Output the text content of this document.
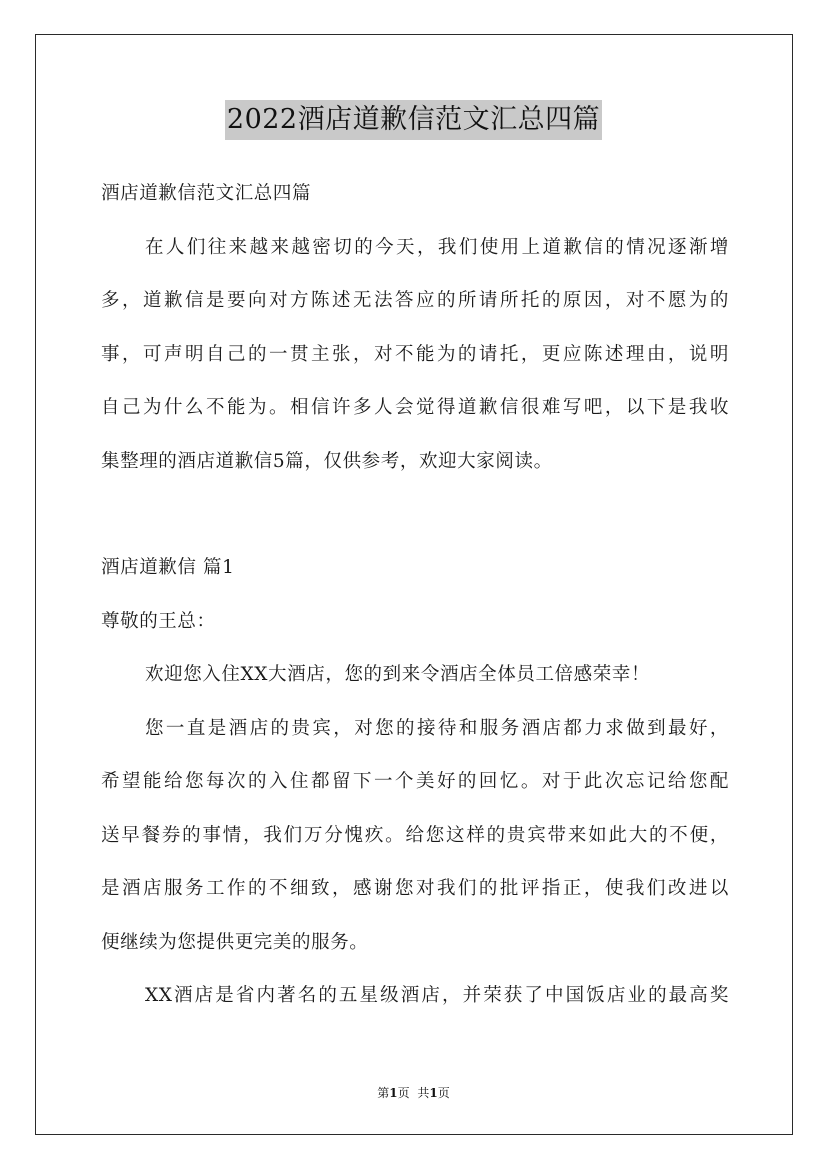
2022酒店道歉信范文汇总四篇
酒店道歉信范文汇总四篇
在人们往来越来越密切的今天，我们使用上道歉信的情况逐渐增
多，道歉信是要向对方陈述无法答应的所请所托的原因，对不愿为的
事，可声明自己的一贯主张，对不能为的请托，更应陈述理由，说明
自己为什么不能为。相信许多人会觉得道歉信很难写吧，以下是我收
集整理的酒店道歉信5篇，仅供参考，欢迎大家阅读。
酒店道歉信 篇1
尊敬的王总：
欢迎您入住XX大酒店，您的到来令酒店全体员工倍感荣幸！
您一直是酒店的贵宾，对您的接待和服务酒店都力求做到最好，
希望能给您每次的入住都留下一个美好的回忆。对于此次忘记给您配
送早餐券的事情，我们万分愧疚。给您这样的贵宾带来如此大的不便，
是酒店服务工作的不细致，感谢您对我们的批评指正，使我们改进以
便继续为您提供更完美的服务。
XX酒店是省内著名的五星级酒店，并荣获了中国饭店业的最高奖
第1页 共1页
